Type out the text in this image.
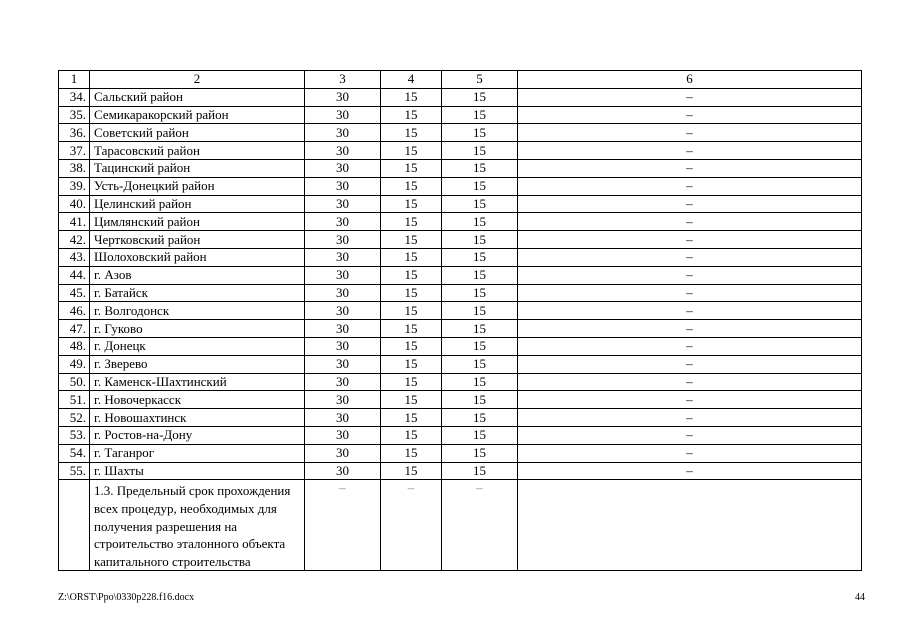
1	2	3	4	5	6
34.	Сальский район	30	15	15	–
35.	Семикаракорский район	30	15	15	–
36.	Советский район	30	15	15	–
37.	Тарасовский район	30	15	15	–
38.	Тацинский район	30	15	15	–
39.	Усть-Донецкий район	30	15	15	–
40.	Целинский район	30	15	15	–
41.	Цимлянский район	30	15	15	–
42.	Чертковский район	30	15	15	–
43.	Шолоховский район	30	15	15	–
44.	г. Азов	30	15	15	–
45.	г. Батайск	30	15	15	–
46.	г. Волгодонск	30	15	15	–
47.	г. Гуково	30	15	15	–
48.	г. Донецк	30	15	15	–
49.	г. Зверево	30	15	15	–
50.	г. Каменск-Шахтинский	30	15	15	–
51.	г. Новочеркасск	30	15	15	–
52.	г. Новошахтинск	30	15	15	–
53.	г. Ростов-на-Дону	30	15	15	–
54.	г. Таганрог	30	15	15	–
55.	г. Шахты	30	15	15	–
	1.3. Предельный срок прохождения всех процедур, необходимых для получения разрешения на строительство эталонного объекта капитального строительства	–	–	–	
Z:\ORST\Ppo\0330p228.f16.docx	44
